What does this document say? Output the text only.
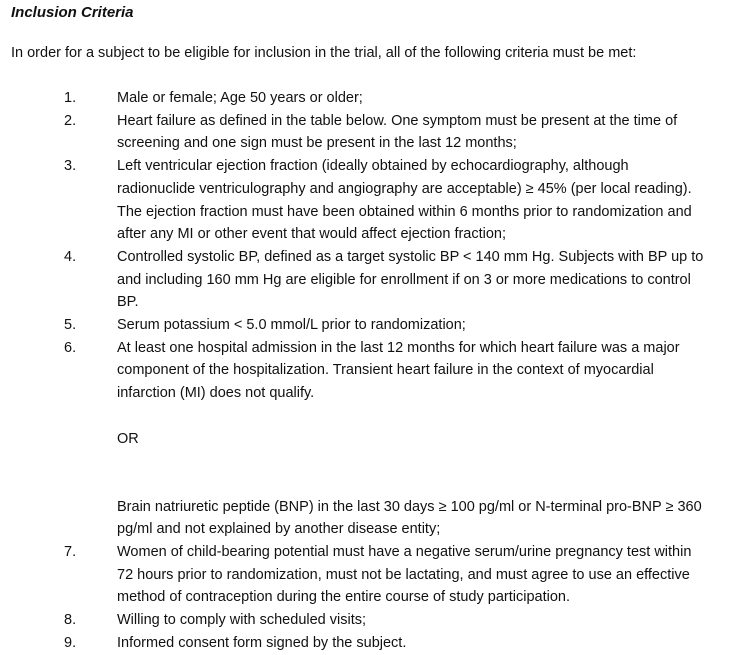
Inclusion Criteria

In order for a subject to be eligible for inclusion in the trial, all of the following criteria must be met:

1.	Male or female; Age 50 years or older;
2.	Heart failure as defined in the table below. One symptom must be present at the time of screening and one sign must be present in the last 12 months;
3.	Left ventricular ejection fraction (ideally obtained by echocardiography, although radionuclide ventriculography and angiography are acceptable) ≥ 45% (per local reading). The ejection fraction must have been obtained within 6 months prior to randomization and after any MI or other event that would affect ejection fraction;
4.	Controlled systolic BP, defined as a target systolic BP < 140 mm Hg. Subjects with BP up to and including 160 mm Hg are eligible for enrollment if on 3 or more medications to control BP.
5.	Serum potassium < 5.0 mmol/L prior to randomization;
6.	At least one hospital admission in the last 12 months for which heart failure was a major component of the hospitalization. Transient heart failure in the context of myocardial infarction (MI) does not qualify.
OR
Brain natriuretic peptide (BNP) in the last 30 days ≥ 100 pg/ml or N-terminal pro-BNP ≥ 360 pg/ml and not explained by another disease entity;
7.	Women of child-bearing potential must have a negative serum/urine pregnancy test within 72 hours prior to randomization, must not be lactating, and must agree to use an effective method of contraception during the entire course of study participation.
8.	Willing to comply with scheduled visits;
9.	Informed consent form signed by the subject.
